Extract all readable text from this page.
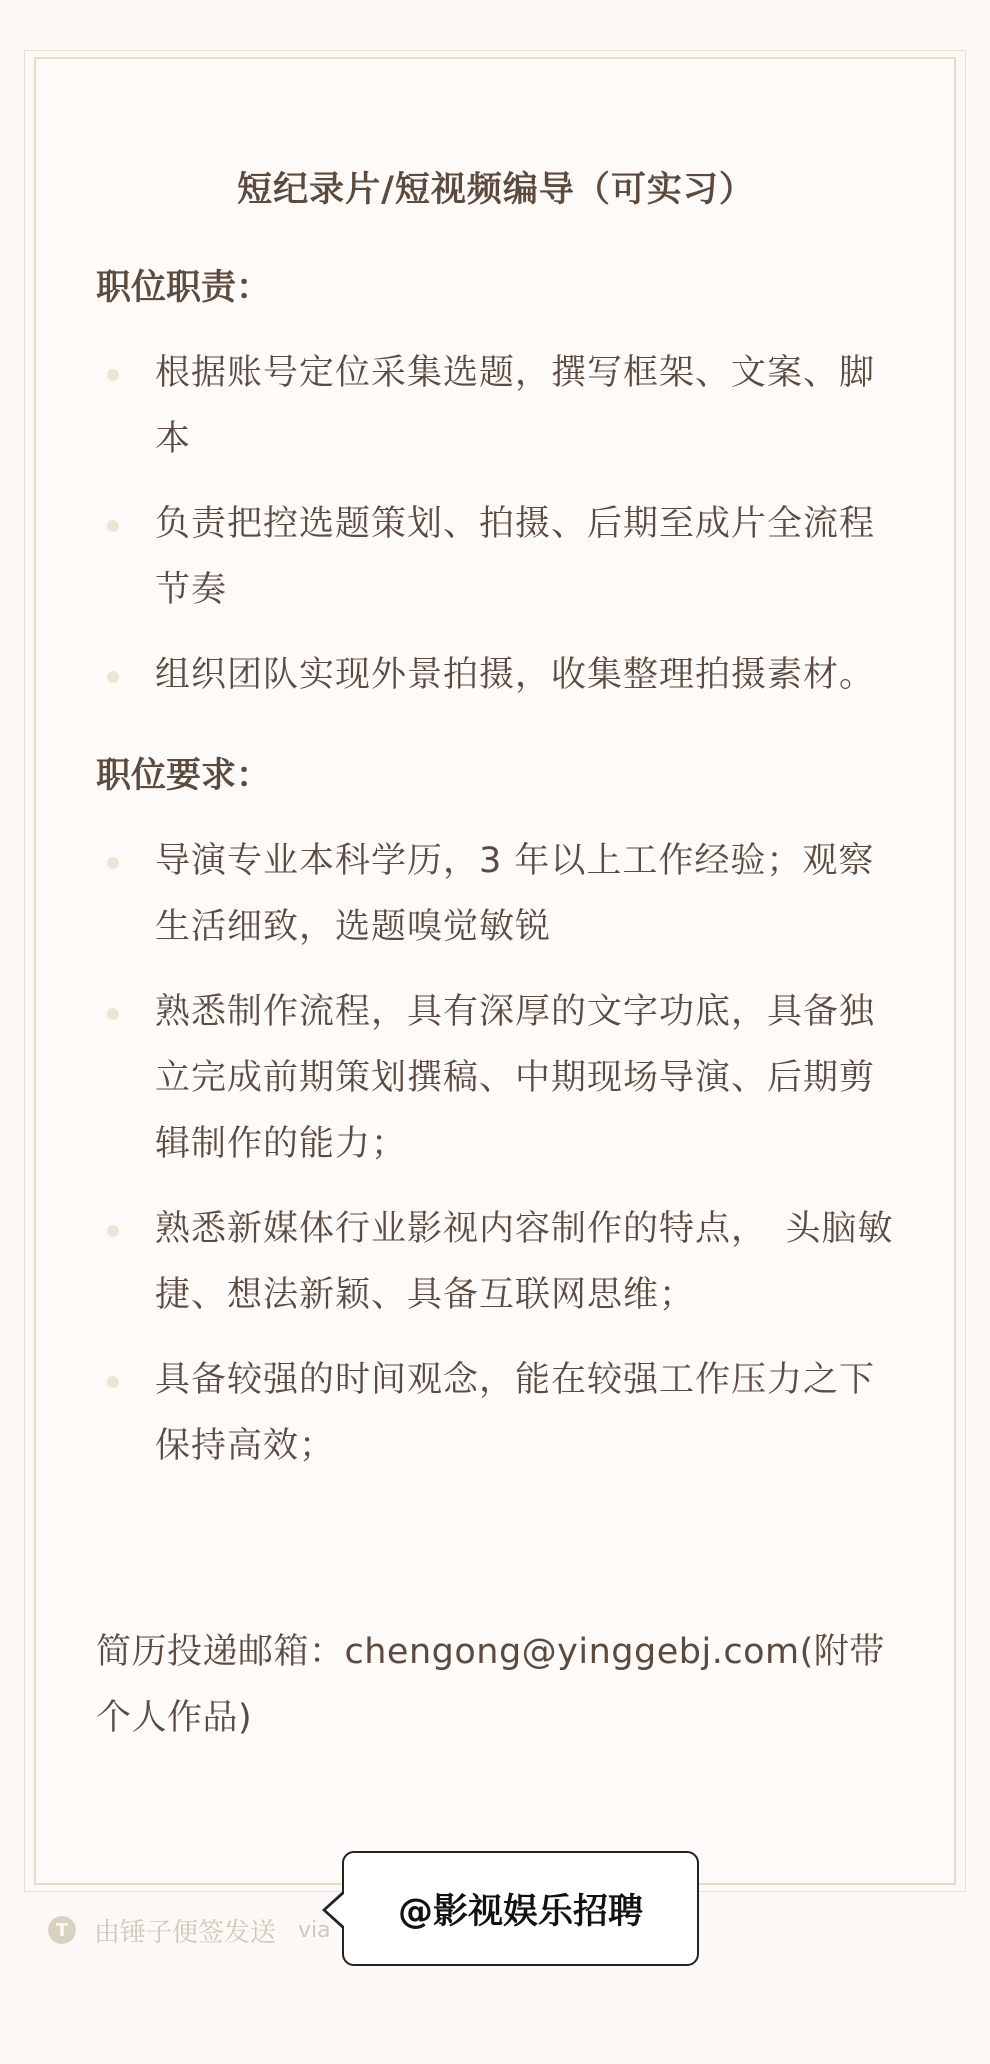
短纪录片/短视频编导（可实习）
职位职责：
根据账号定位采集选题，撰写框架、文案、脚本
负责把控选题策划、拍摄、后期至成片全流程节奏
组织团队实现外景拍摄，收集整理拍摄素材。
职位要求：
导演专业本科学历，3 年以上工作经验；观察生活细致，选题嗅觉敏锐
熟悉制作流程，具有深厚的文字功底，具备独立完成前期策划撰稿、中期现场导演、后期剪辑制作的能力；
熟悉新媒体行业影视内容制作的特点，　头脑敏捷、想法新颖、具备互联网思维；
具备较强的时间观念，能在较强工作压力之下保持高效；
简历投递邮箱：chengong@yinggebj.com(附带个人作品)
T 由锤子便签发送 via	@影视娱乐招聘
